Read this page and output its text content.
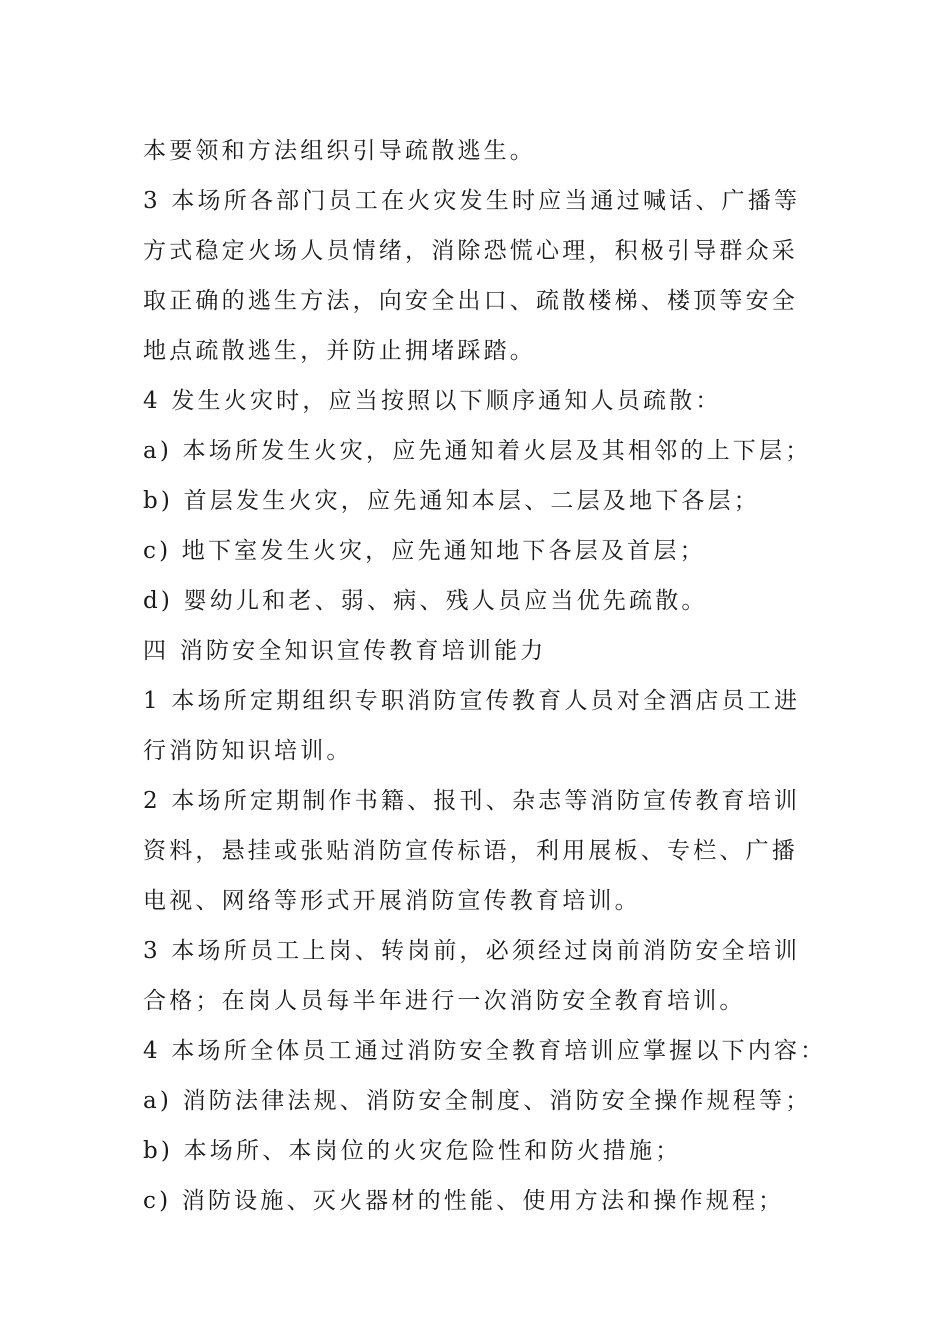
本要领和方法组织引导疏散逃生。
3 本场所各部门员工在火灾发生时应当通过喊话、广播等
方式稳定火场人员情绪，消除恐慌心理，积极引导群众采
取正确的逃生方法，向安全出口、疏散楼梯、楼顶等安全
地点疏散逃生，并防止拥堵踩踏。
4 发生火灾时，应当按照以下顺序通知人员疏散：
a) 本场所发生火灾，应先通知着火层及其相邻的上下层；
b) 首层发生火灾，应先通知本层、二层及地下各层；
c) 地下室发生火灾，应先通知地下各层及首层；
d) 婴幼儿和老、弱、病、残人员应当优先疏散。
四 消防安全知识宣传教育培训能力
1 本场所定期组织专职消防宣传教育人员对全酒店员工进
行消防知识培训。
2 本场所定期制作书籍、报刊、杂志等消防宣传教育培训
资料，悬挂或张贴消防宣传标语，利用展板、专栏、广播
电视、网络等形式开展消防宣传教育培训。
3 本场所员工上岗、转岗前，必须经过岗前消防安全培训
合格；在岗人员每半年进行一次消防安全教育培训。
4 本场所全体员工通过消防安全教育培训应掌握以下内容：
a) 消防法律法规、消防安全制度、消防安全操作规程等；
b) 本场所、本岗位的火灾危险性和防火措施；
c) 消防设施、灭火器材的性能、使用方法和操作规程；
